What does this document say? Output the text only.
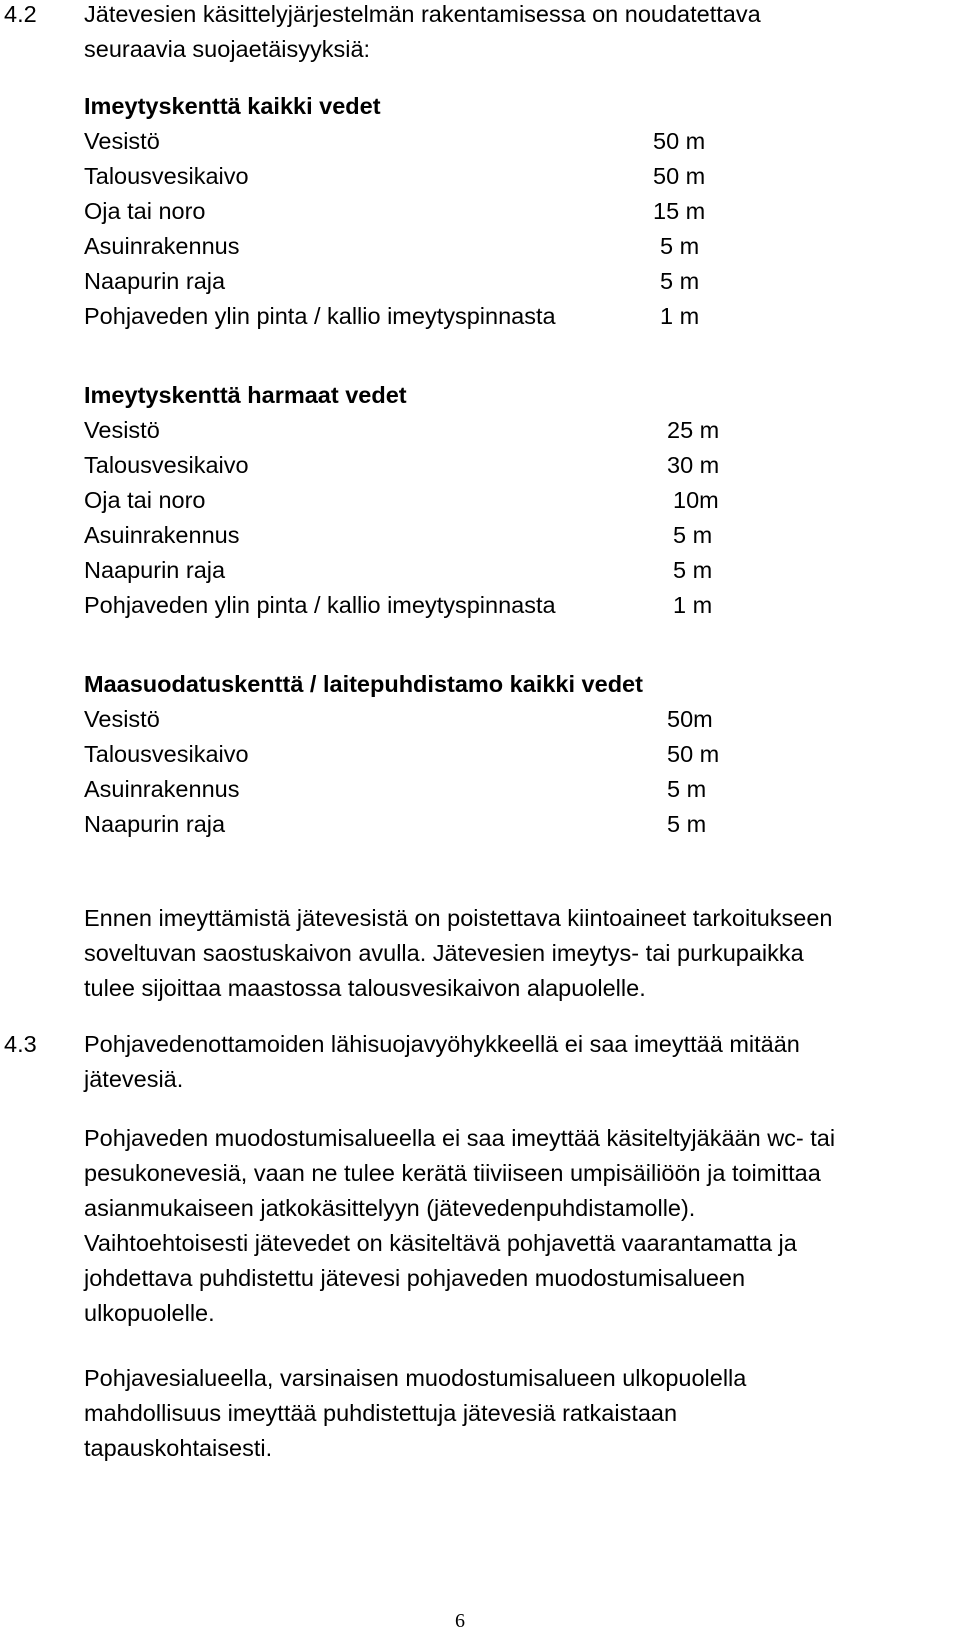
4.2 Jätevesien käsittelyjärjestelmän rakentamisessa on noudatettava
seuraavia suojaetäisyyksiä:
Imeytyskenttä kaikki vedet
Vesistö	50 m
Talousvesikaivo	50 m
Oja tai noro	15 m
Asuinrakennus	5 m
Naapurin raja	5 m
Pohjaveden ylin pinta / kallio imeytyspinnasta	1 m
Imeytyskenttä harmaat vedet
Vesistö	25 m
Talousvesikaivo	30 m
Oja tai noro	10m
Asuinrakennus	5 m
Naapurin raja	5 m
Pohjaveden ylin pinta / kallio imeytyspinnasta	1 m
Maasuodatuskenttä / laitepuhdistamo kaikki vedet
Vesistö	50m
Talousvesikaivo	50 m
Asuinrakennus	5 m
Naapurin raja	5 m
Ennen imeyttämistä jätevesistä on poistettava kiintoaineet tarkoitukseen
soveltuvan saostuskaivon avulla. Jätevesien imeytys- tai purkupaikka
tulee sijoittaa maastossa talousvesikaivon alapuolelle.
4.3 Pohjavedenottamoiden lähisuojavyöhykkeellä ei saa imeyttää mitään
jätevesiä.
Pohjaveden muodostumisalueella ei saa imeyttää käsiteltyjäkään wc- tai
pesukonevesiä, vaan ne tulee kerätä tiiviiseen umpisäiliöön ja toimittaa
asianmukaiseen jatkokäsittelyyn (jätevedenpuhdistamolle).
Vaihtoehtoisesti jätevedet on käsiteltävä pohjavettä vaarantamatta ja
johdettava puhdistettu jätevesi pohjaveden muodostumisalueen
ulkopuolelle.
Pohjavesialueella, varsinaisen muodostumisalueen ulkopuolella
mahdollisuus imeyttää puhdistettuja jätevesiä ratkaistaan
tapauskohtaisesti.
6
